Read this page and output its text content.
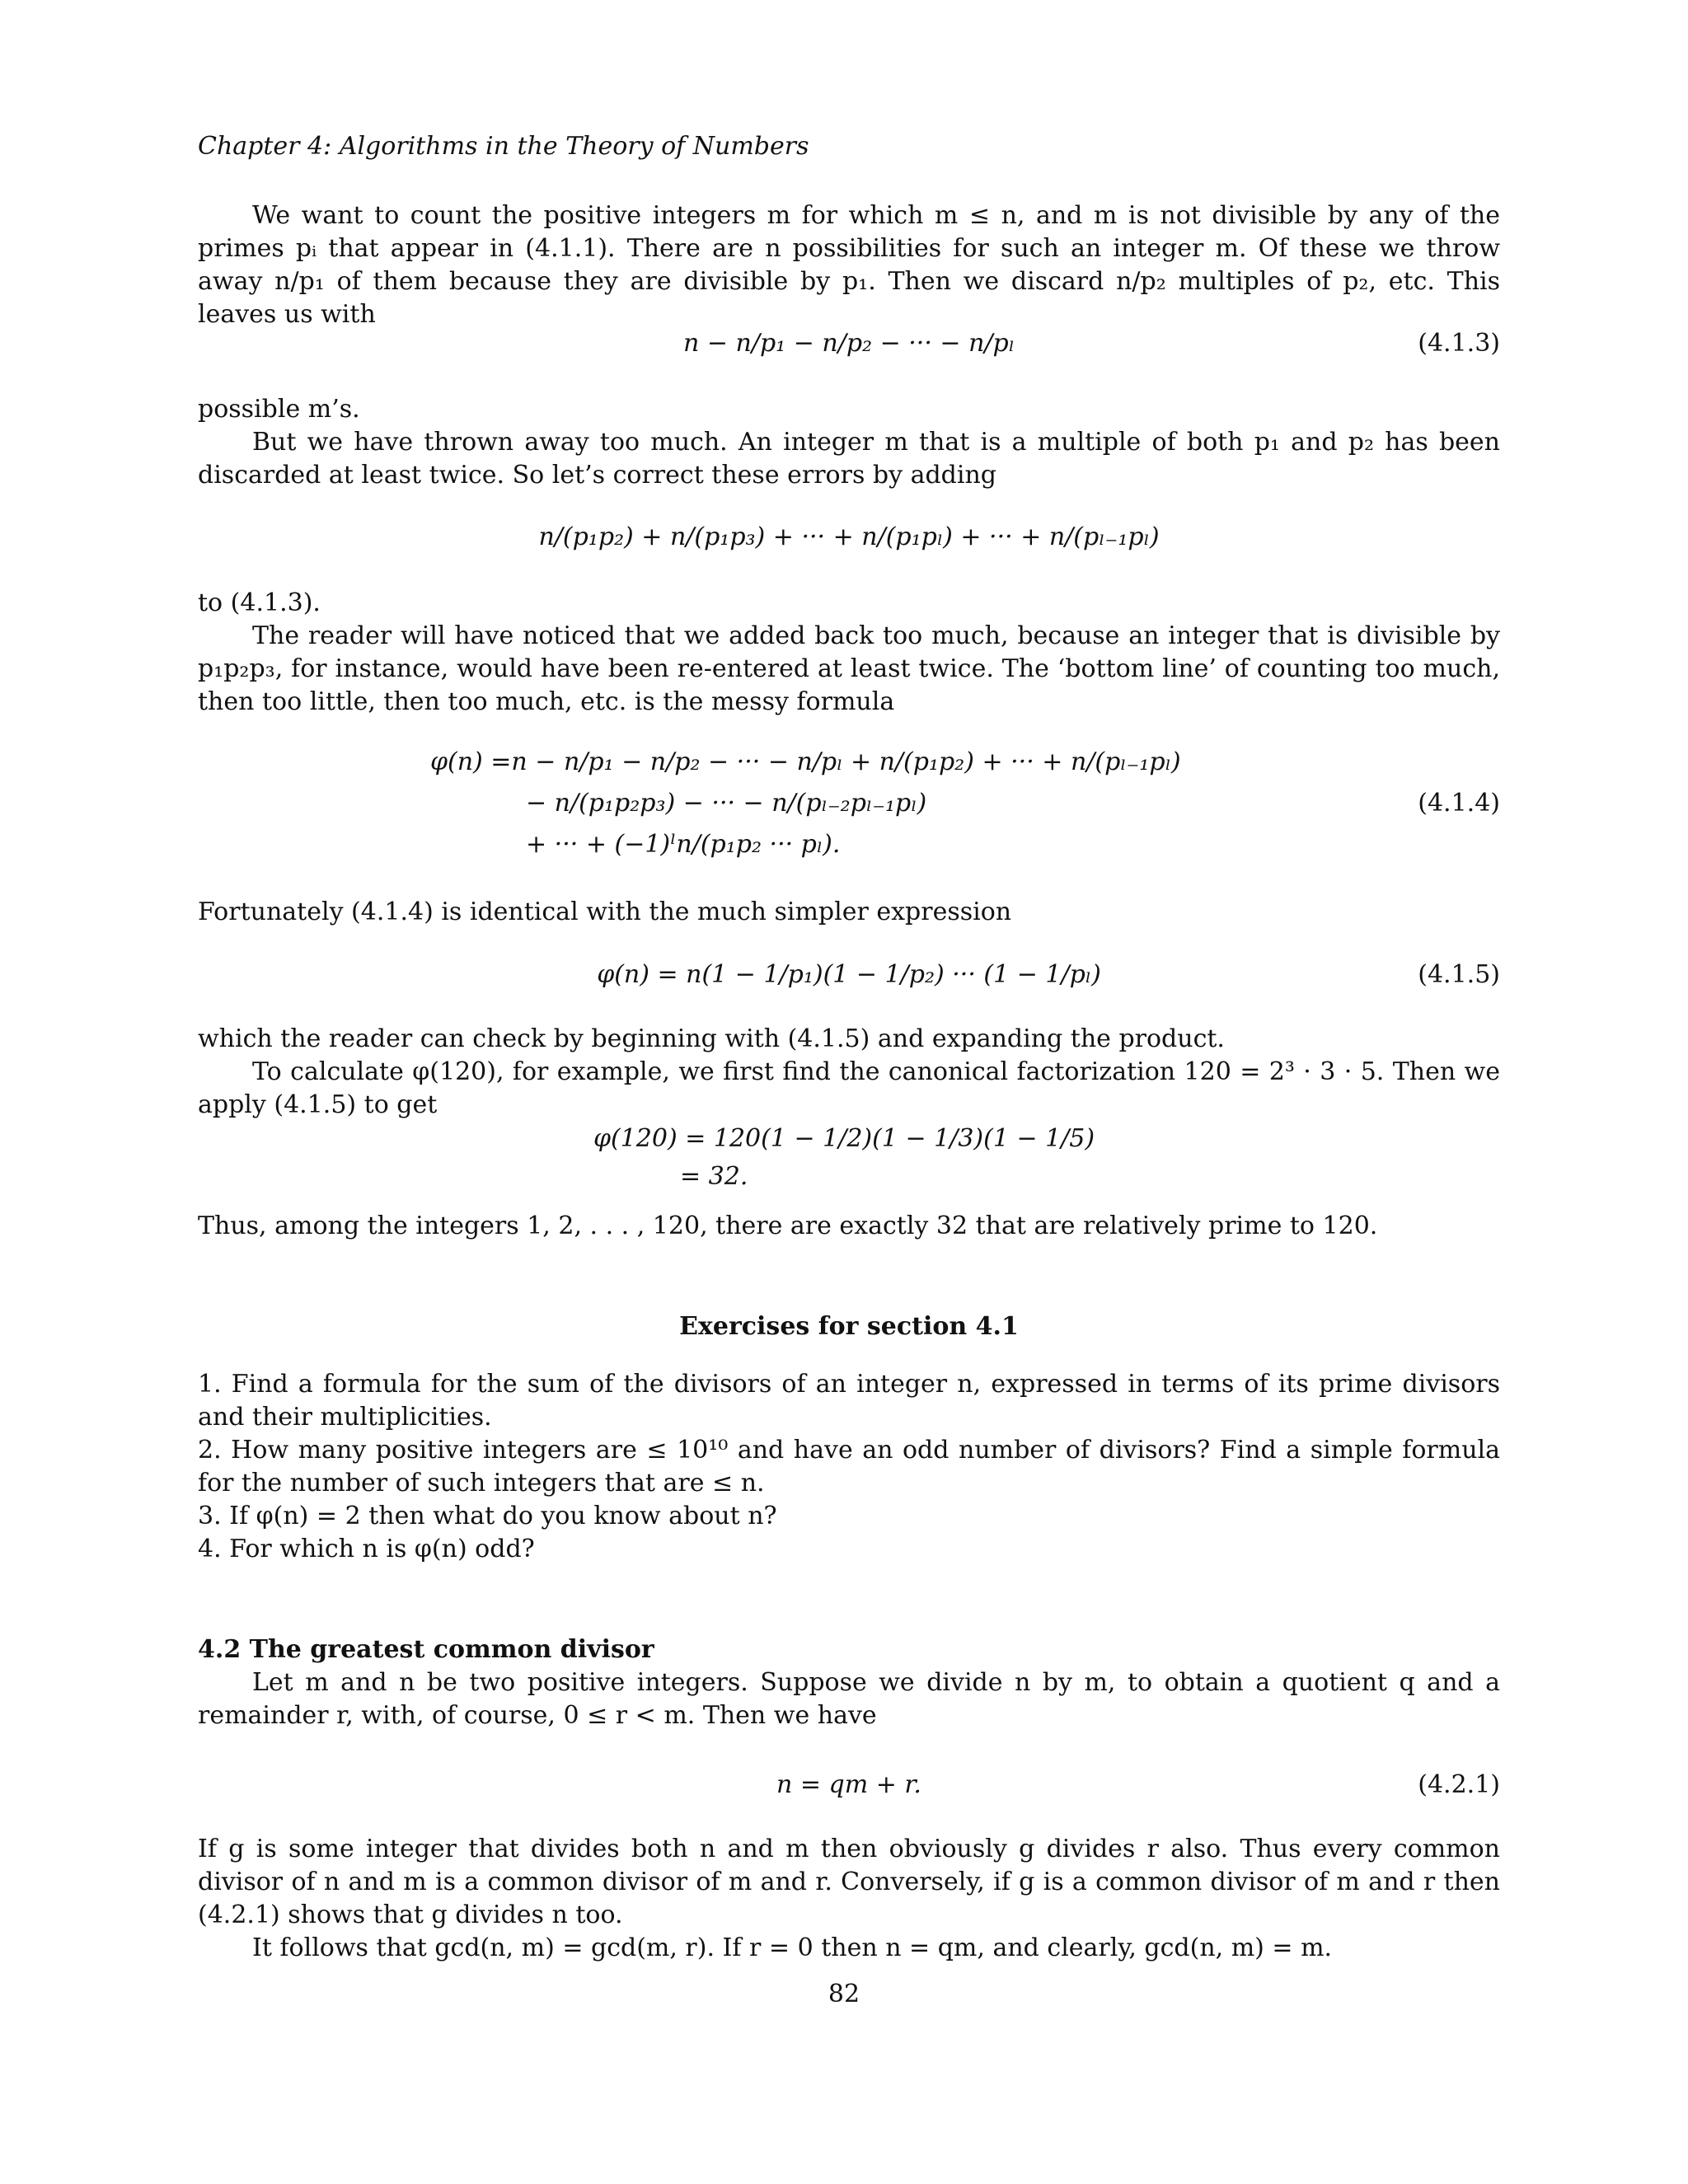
Chapter 4: Algorithms in the Theory of Numbers

We want to count the positive integers m for which m ≤ n, and m is not divisible by any of the primes pᵢ that appear in (4.1.1). There are n possibilities for such an integer m. Of these we throw away n/p₁ of them because they are divisible by p₁. Then we discard n/p₂ multiples of p₂, etc. This leaves us with

n − n/p₁ − n/p₂ − ··· − n/pₗ	(4.1.3)

possible m’s.

But we have thrown away too much. An integer m that is a multiple of both p₁ and p₂ has been discarded at least twice. So let’s correct these errors by adding

n/(p₁p₂) + n/(p₁p₃) + ··· + n/(p₁pₗ) + ··· + n/(pₗ₋₁pₗ)

to (4.1.3).

The reader will have noticed that we added back too much, because an integer that is divisible by p₁p₂p₃, for instance, would have been re-entered at least twice. The ‘bottom line’ of counting too much, then too little, then too much, etc. is the messy formula

φ(n) =n − n/p₁ − n/p₂ − ··· − n/pₗ + n/(p₁p₂) + ··· + n/(pₗ₋₁pₗ)
− n/(p₁p₂p₃) − ··· − n/(pₗ₋₂pₗ₋₁pₗ)
+ ··· + (−1)ˡn/(p₁p₂ ··· pₗ).
(4.1.4)

Fortunately (4.1.4) is identical with the much simpler expression

φ(n) = n(1 − 1/p₁)(1 − 1/p₂) ··· (1 − 1/pₗ)	(4.1.5)

which the reader can check by beginning with (4.1.5) and expanding the product.

To calculate φ(120), for example, we first find the canonical factorization 120 = 2³ · 3 · 5. Then we apply (4.1.5) to get

φ(120) = 120(1 − 1/2)(1 − 1/3)(1 − 1/5)
= 32.

Thus, among the integers 1, 2, . . . , 120, there are exactly 32 that are relatively prime to 120.

Exercises for section 4.1

1. Find a formula for the sum of the divisors of an integer n, expressed in terms of its prime divisors and their multiplicities.

2. How many positive integers are ≤ 10¹⁰ and have an odd number of divisors? Find a simple formula for the number of such integers that are ≤ n.

3. If φ(n) = 2 then what do you know about n?

4. For which n is φ(n) odd?

4.2 The greatest common divisor

Let m and n be two positive integers. Suppose we divide n by m, to obtain a quotient q and a remainder r, with, of course, 0 ≤ r < m. Then we have

n = qm + r.	(4.2.1)

If g is some integer that divides both n and m then obviously g divides r also. Thus every common divisor of n and m is a common divisor of m and r. Conversely, if g is a common divisor of m and r then (4.2.1) shows that g divides n too.

It follows that gcd(n, m) = gcd(m, r). If r = 0 then n = qm, and clearly, gcd(n, m) = m.

82
